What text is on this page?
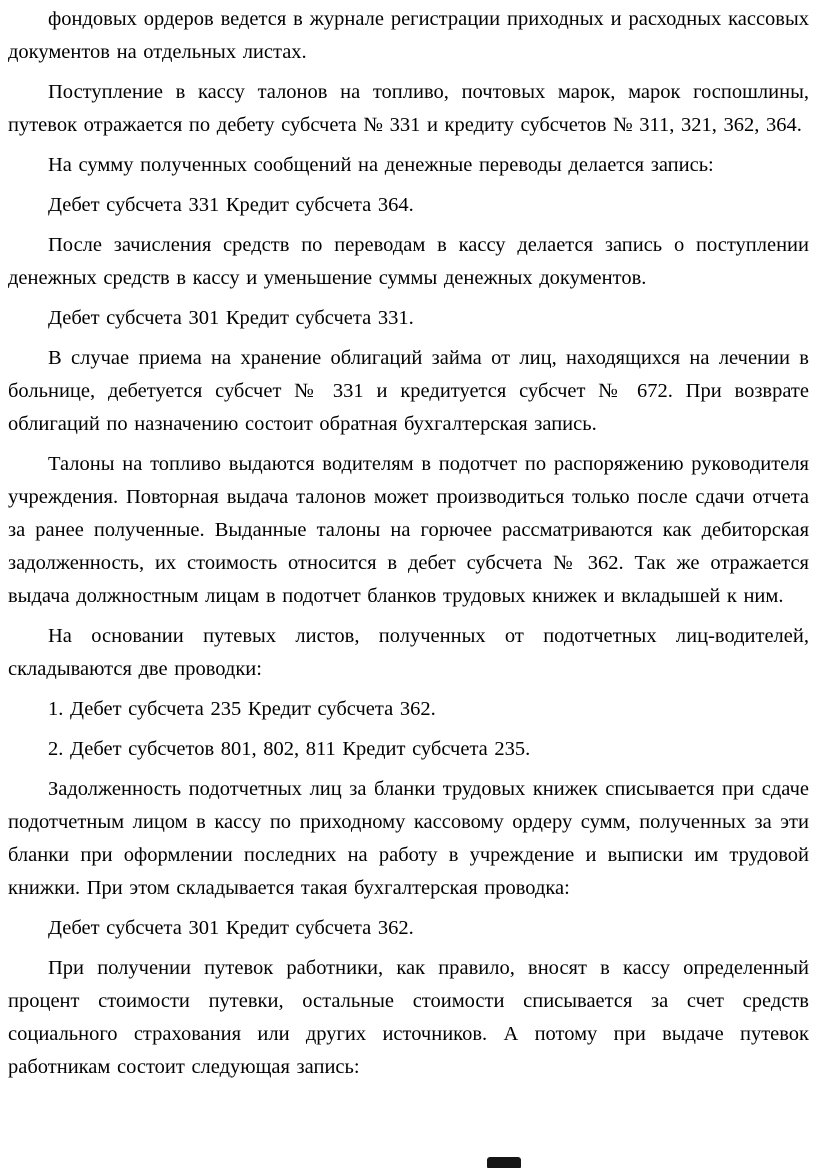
фондовых ордеров ведется в журнале регистрации приходных и расходных кассовых документов на отдельных листах.

Поступление в кассу талонов на топливо, почтовых марок, марок госпошлины, путевок отражается по дебету субсчета № 331 и кредиту субсчетов № 311, 321, 362, 364.

На сумму полученных сообщений на денежные переводы делается запись:

Дебет субсчета 331 Кредит субсчета 364.

После зачисления средств по переводам в кассу делается запись о поступлении денежных средств в кассу и уменьшение суммы денежных документов.

Дебет субсчета 301 Кредит субсчета 331.

В случае приема на хранение облигаций займа от лиц, находящихся на лечении в больнице, дебетуется субсчет № 331 и кредитуется субсчет № 672. При возврате облигаций по назначению состоит обратная бухгалтерская запись.

Талоны на топливо выдаются водителям в подотчет по распоряжению руководителя учреждения. Повторная выдача талонов может производиться только после сдачи отчета за ранее полученные. Выданные талоны на горючее рассматриваются как дебиторская задолженность, их стоимость относится в дебет субсчета № 362. Так же отражается выдача должностным лицам в подотчет бланков трудовых книжек и вкладышей к ним.

На основании путевых листов, полученных от подотчетных лиц-водителей, складываются две проводки:

1. Дебет субсчета 235 Кредит субсчета 362.

2. Дебет субсчетов 801, 802, 811 Кредит субсчета 235.

Задолженность подотчетных лиц за бланки трудовых книжек списывается при сдаче подотчетным лицом в кассу по приходному кассовому ордеру сумм, полученных за эти бланки при оформлении последних на работу в учреждение и выписки им трудовой книжки. При этом складывается такая бухгалтерская проводка:

Дебет субсчета 301 Кредит субсчета 362.

При получении путевок работники, как правило, вносят в кассу определенный процент стоимости путевки, остальные стоимости списывается за счет средств социального страхования или других источников. А потому при выдаче путевок работникам состоит следующая запись:
